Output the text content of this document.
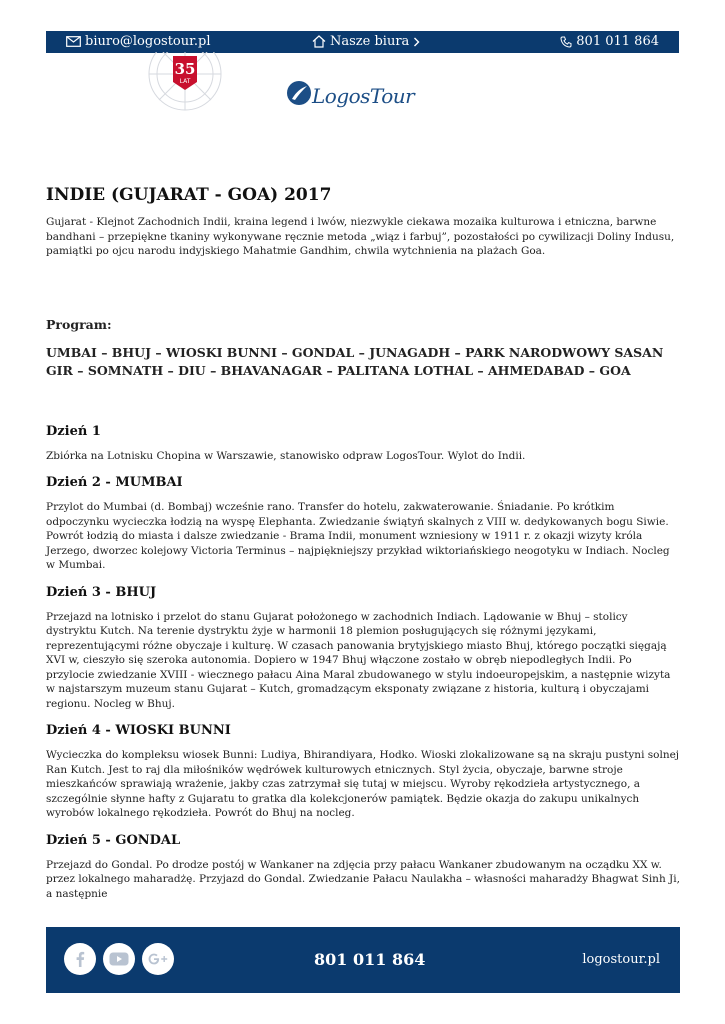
biuro@logostour.pl	Nasze biura	801 011 864
35
LAT
LogosTour
INDIE (GUJARAT - GOA) 2017

Gujarat - Klejnot Zachodnich Indii, kraina legend i lwów, niezwykle ciekawa mozaika kulturowa i etniczna, barwne bandhani – przepiękne tkaniny wykonywane ręcznie metoda „wiąz i farbuj”, pozostałości po cywilizacji Doliny Indusu, pamiątki po ojcu narodu indyjskiego Mahatmie Gandhim, chwila wytchnienia na plażach Goa.

Program:
UMBAI – BHUJ – WIOSKI BUNNI – GONDAL – JUNAGADH – PARK NARODWOWY SASAN GIR – SOMNATH – DIU – BHAVANAGAR – PALITANA LOTHAL – AHMEDABAD – GOA
Dzień 1

Zbiórka na Lotnisku Chopina w Warszawie, stanowisko odpraw LogosTour. Wylot do Indii.

Dzień 2 - MUMBAI

Przylot do Mumbai (d. Bombaj) wcześnie rano. Transfer do hotelu, zakwaterowanie. Śniadanie. Po krótkim odpoczynku wycieczka łodzią na wyspę Elephanta. Zwiedzanie świątyń skalnych z VIII w. dedykowanych bogu Siwie. Powrót łodzią do miasta i dalsze zwiedzanie - Brama Indii, monument wzniesiony w 1911 r. z okazji wizyty króla Jerzego, dworzec kolejowy Victoria Terminus – najpiękniejszy przykład wiktoriańskiego neogotyku w Indiach. Nocleg w Mumbai.

Dzień 3 - BHUJ

Przejazd na lotnisko i przelot do stanu Gujarat położonego w zachodnich Indiach. Lądowanie w Bhuj – stolicy dystryktu Kutch. Na terenie dystryktu żyje w harmonii 18 plemion posługujących się różnymi językami, reprezentującymi różne obyczaje i kulturę. W czasach panowania brytyjskiego miasto Bhuj, którego początki sięgają XVI w, cieszyło się szeroka autonomia. Dopiero w 1947 Bhuj włączone zostało w obręb niepodległych Indii. Po przylocie zwiedzanie XVIII - wiecznego pałacu Aina Maral zbudowanego w stylu indoeuropejskim, a następnie wizyta w najstarszym muzeum stanu Gujarat – Kutch, gromadzącym eksponaty związane z historia, kulturą i obyczajami regionu. Nocleg w Bhuj.

Dzień 4 - WIOSKI BUNNI

Wycieczka do kompleksu wiosek Bunni: Ludiya, Bhirandiyara, Hodko. Wioski zlokalizowane są na skraju pustyni solnej Ran Kutch. Jest to raj dla miłośników wędrówek kulturowych etnicznych. Styl życia, obyczaje, barwne stroje mieszkańców sprawiają wrażenie, jakby czas zatrzymał się tutaj w miejscu. Wyroby rękodzieła artystycznego, a szczególnie słynne hafty z Gujaratu to gratka dla kolekcjonerów pamiątek. Będzie okazja do zakupu unikalnych wyrobów lokalnego rękodzieła. Powrót do Bhuj na nocleg.

Dzień 5 - GONDAL

Przejazd do Gondal. Po drodze postój w Wankaner na zdjęcia przy pałacu Wankaner zbudowanym na ocządku XX w. przez lokalnego maharadżę. Przyjazd do Gondal. Zwiedzanie Pałacu Naulakha – własności maharadży Bhagwat Sinh Ji, a następnie

801 011 864	logostour.pl
